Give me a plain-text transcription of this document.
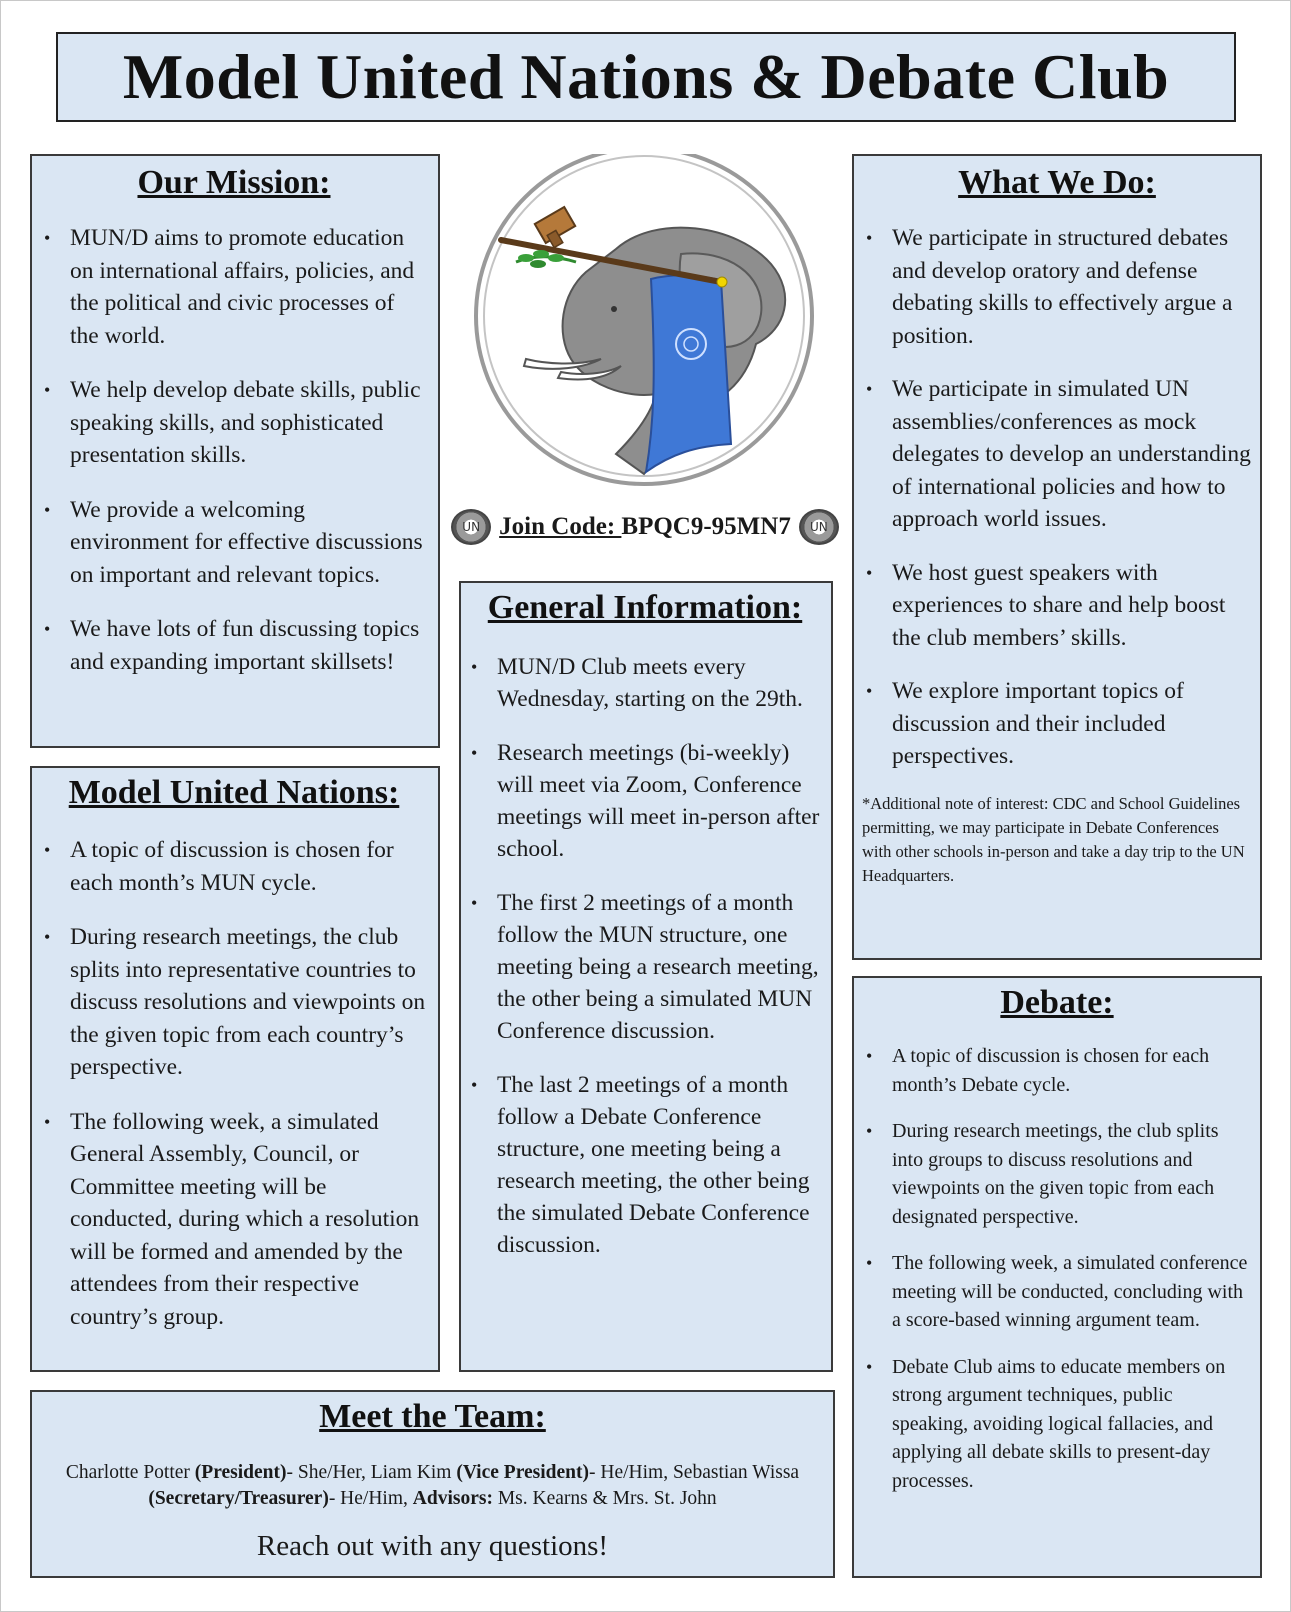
Model United Nations & Debate Club
Our Mission:
• MUN/D aims to promote education on international affairs, policies, and the political and civic processes of the world.
• We help develop debate skills, public speaking skills, and sophisticated presentation skills.
• We provide a welcoming environment for effective discussions on important and relevant topics.
• We have lots of fun discussing topics and expanding important skillsets!
Model United Nations:
• A topic of discussion is chosen for each month’s MUN cycle.
• During research meetings, the club splits into representative countries to discuss resolutions and viewpoints on the given topic from each country’s perspective.
• The following week, a simulated General Assembly, Council, or Committee meeting will be conducted, during which a resolution will be formed and amended by the attendees from their respective country’s group.
UN Join Code: BPQC9-95MN7	UN
General Information:
• MUN/D Club meets every Wednesday, starting on the 29th.
• Research meetings (bi-weekly) will meet via Zoom, Conference meetings will meet in-person after school.
• The first 2 meetings of a month follow the MUN structure, one meeting being a research meeting, the other being a simulated MUN Conference discussion.
• The last 2 meetings of a month follow a Debate Conference structure, one meeting being a research meeting, the other being the simulated Debate Conference discussion.
What We Do:
• We participate in structured debates and develop oratory and defense debating skills to effectively argue a position.
• We participate in simulated UN assemblies/conferences as mock delegates to develop an understanding of international policies and how to approach world issues.
• We host guest speakers with experiences to share and help boost the club members’ skills.
• We explore important topics of discussion and their included perspectives.

*Additional note of interest: CDC and School Guidelines permitting, we may participate in Debate Conferences with other schools in-person and take a day trip to the UN Headquarters.

Debate:
• A topic of discussion is chosen for each month’s Debate cycle.
• During research meetings, the club splits into groups to discuss resolutions and viewpoints on the given topic from each designated perspective.
• The following week, a simulated conference meeting will be conducted, concluding with a score-based winning argument team.
• Debate Club aims to educate members on strong argument techniques, public speaking, avoiding logical fallacies, and applying all debate skills to present-day processes.
Meet the Team:

Charlotte Potter (President)- She/Her, Liam Kim (Vice President)- He/Him, Sebastian Wissa (Secretary/Treasurer)- He/Him, Advisors: Ms. Kearns & Mrs. St. John

Reach out with any questions!
